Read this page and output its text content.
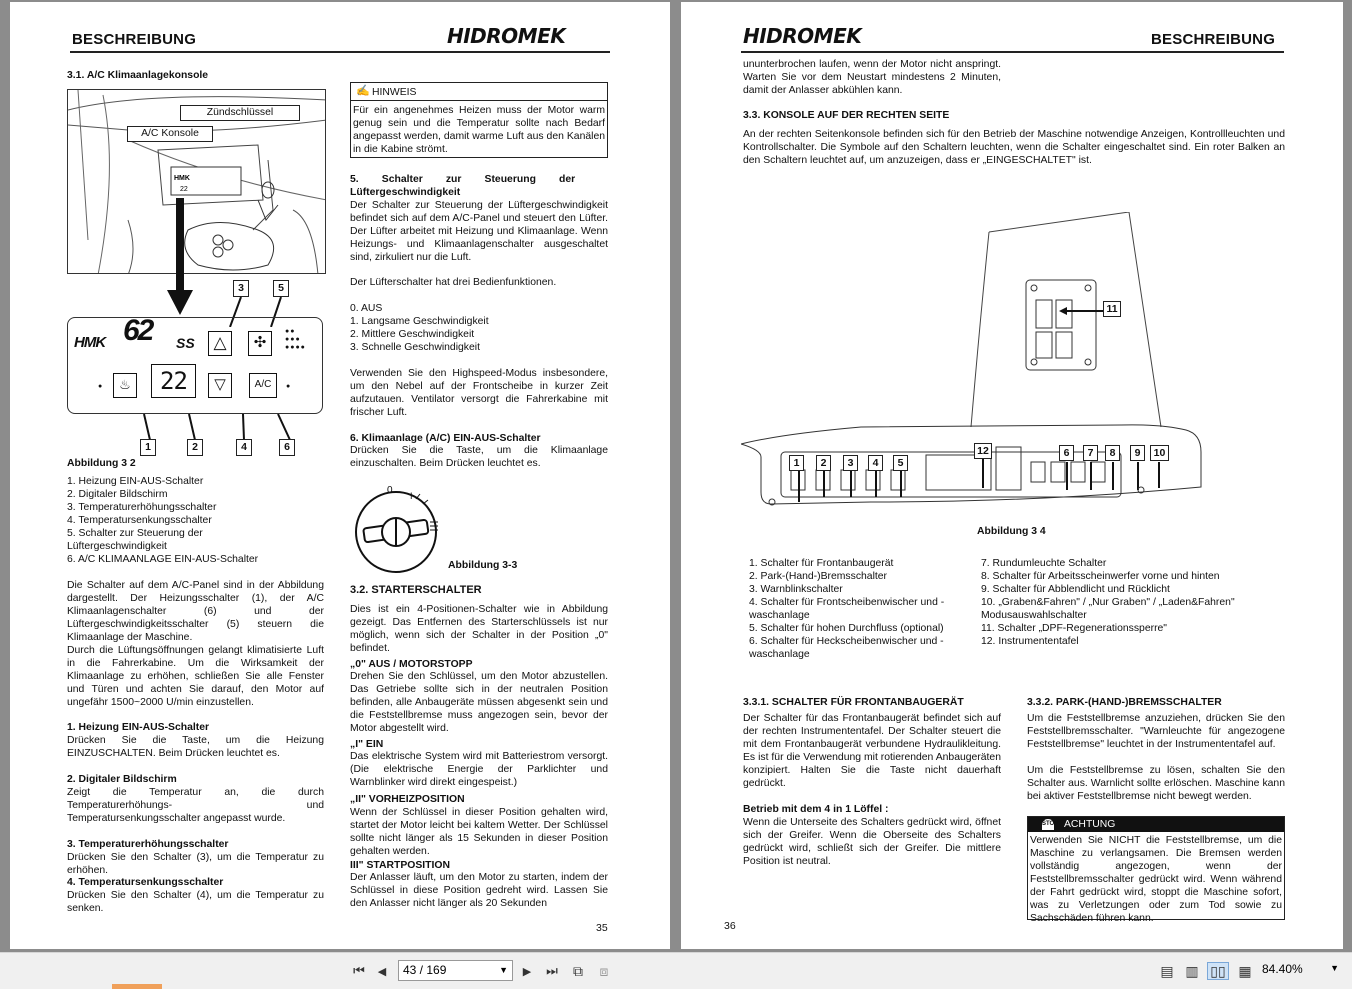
BESCHREIBUNG	HIDROMEK
3.1. A/C Klimaanlagekonsole
HMK
22
Zündschlüssel
A/C Konsole
3	5
HMK 62 SS	△	✣
●●
●●●
●●●●
●	♨	22	▽	A/C	●
1	2	4	6
Abbildung 3 2
1. Heizung EIN-AUS-Schalter
2. Digitaler Bildschirm
3. Temperaturerhöhungsschalter
4. Temperatursenkungsschalter
5. Schalter zur Steuerung der
Lüftergeschwindigkeit
6. A/C KLIMAANLAGE EIN-AUS-Schalter
Die Schalter auf dem A/C-Panel sind in der Abbildung dargestellt. Der Heizungsschalter (1), der A/C Klimaanlagenschalter (6) und der Lüftergeschwindigkeitsschalter (5) steuern die Klimaanlage der Maschine.
Durch die Lüftungsöffnungen gelangt klimatisierte Luft in die Fahrerkabine. Um die Wirksamkeit der Klimaanlage zu erhöhen, schließen Sie alle Fenster und Türen und achten Sie darauf, den Motor auf ungefähr 1500~2000 U/min einzustellen.
1. Heizung EIN-AUS-Schalter
Drücken Sie die Taste, um die Heizung EINZUSCHALTEN. Beim Drücken leuchtet es.
2. Digitaler Bildschirm
Zeigt die Temperatur an, die durch Temperaturerhöhungs- und Temperatursenkungsschalter angepasst wurde.
3. Temperaturerhöhungsschalter
Drücken Sie den Schalter (3), um die Temperatur zu erhöhen.
4. Temperatursenkungsschalter
Drücken Sie den Schalter (4), um die Temperatur zu senken.
✍ HINWEIS
Für ein angenehmes Heizen muss der Motor warm genug sein und die Temperatur sollte nach Bedarf angepasst werden, damit warme Luft aus den Kanälen in die Kabine strömt.
5.        Schalter        zur        Steuerung        der
Lüftergeschwindigkeit
Der Schalter zur Steuerung der Lüftergeschwindigkeit befindet sich auf dem A/C-Panel und steuert den Lüfter. Der Lüfter arbeitet mit Heizung und Klimaanlage. Wenn Heizungs- und Klimaanlagenschalter ausgeschaltet sind, zirkuliert nur die Luft.
Der Lüfterschalter hat drei Bedienfunktionen.
0. AUS
1. Langsame Geschwindigkeit
2. Mittlere Geschwindigkeit
3. Schnelle Geschwindigkeit
Verwenden Sie den Highspeed-Modus insbesondere, um den Nebel auf der Frontscheibe in kurzer Zeit aufzutauen. Ventilator versorgt die Fahrerkabine mit frischer Luft.
6. Klimaanlage (A/C) EIN-AUS-Schalter
Drücken Sie die Taste, um die Klimaanlage einzuschalten. Beim Drücken leuchtet es.
0 I
Abbildung 3-3
3.2. STARTERSCHALTER
Dies ist ein 4-Positionen-Schalter wie in Abbildung gezeigt. Das Entfernen des Starterschlüssels ist nur möglich, wenn sich der Schalter in der Position „0" befindet.
„0" AUS / MOTORSTOPP
Drehen Sie den Schlüssel, um den Motor abzustellen. Das Getriebe sollte sich in der neutralen Position befinden, alle Anbaugeräte müssen abgesenkt sein und die Feststellbremse muss angezogen sein, bevor der Motor abgestellt wird.
„I" EIN
Das elektrische System wird mit Batteriestrom versorgt. (Die elektrische Energie der Parklichter und Warnblinker wird direkt eingespeist.)
„II" VORHEIZPOSITION
Wenn der Schlüssel in dieser Position gehalten wird, startet der Motor leicht bei kaltem Wetter. Der Schlüssel sollte nicht länger als 15 Sekunden in dieser Position gehalten werden.
III" STARTPOSITION
Der Anlasser läuft, um den Motor zu starten, indem der Schlüssel in diese Position gedreht wird. Lassen Sie den Anlasser nicht länger als 20 Sekunden
35
HIDROMEK	BESCHREIBUNG
ununterbrochen laufen, wenn der Motor nicht anspringt. Warten Sie vor dem Neustart mindestens 2 Minuten, damit der Anlasser abkühlen kann.
3.3. KONSOLE AUF DER RECHTEN SEITE
An der rechten Seitenkonsole befinden sich für den Betrieb der Maschine notwendige Anzeigen, Kontrollleuchten und Kontrollschalter. Die Symbole auf den Schaltern leuchten, wenn die Schalter eingeschaltet sind. Ein roter Balken an den Schaltern leuchtet auf, um anzuzeigen, dass er „EINGESCHALTET" ist.
11
12
1	2	3	4	5
6	7	8	9	10
Abbildung 3 4
1. Schalter für Frontanbaugerät
2. Park-(Hand-)Bremsschalter
3. Warnblinkschalter
4. Schalter für Frontscheibenwischer und -
waschanlage
5. Schalter für hohen Durchfluss (optional)
6. Schalter für Heckscheibenwischer und -
waschanlage
7. Rundumleuchte Schalter
8. Schalter für Arbeitsscheinwerfer vorne und hinten
9. Schalter für Abblendlicht und Rücklicht
10. „Graben&Fahren" / „Nur Graben" / „Laden&Fahren"
Modusauswahlschalter
11. Schalter „DPF-Regenerationssperre"
12. Instrumententafel
3.3.1. SCHALTER FÜR FRONTANBAUGERÄT
Der Schalter für das Frontanbaugerät befindet sich auf der rechten Instrumententafel. Der Schalter steuert die mit dem Frontanbaugerät verbundene Hydraulikleitung. Es ist für die Verwendung mit rotierenden Anbaugeräten konzipiert. Halten Sie die Taste nicht dauerhaft gedrückt.
Betrieb mit dem 4 in 1 Löffel :
Wenn die Unterseite des Schalters gedrückt wird, öffnet sich der Greifer. Wenn die Oberseite des Schalters gedrückt wird, schließt sich der Greifer. Die mittlere Position ist neutral.
3.3.2. PARK-(HAND-)BREMSSCHALTER
Um die Feststellbremse anzuziehen, drücken Sie den Feststellbremsschalter. "Warnleuchte für angezogene Feststellbremse" leuchtet in der Instrumententafel auf.
Um die Feststellbremse zu lösen, schalten Sie den Schalter aus. Warnlicht sollte erlöschen. Maschine kann bei aktiver Feststellbremse nicht bewegt werden.
STOP ACHTUNG
Verwenden Sie NICHT die Feststellbremse, um die Maschine zu verlangsamen. Die Bremsen werden vollständig angezogen, wenn der Feststellbremsschalter gedrückt wird. Wenn während der Fahrt gedrückt wird, stoppt die Maschine sofort, was zu Verletzungen oder zum Tod sowie zu Sachschäden führen kann.
36
⏮ ◀	43 / 169	▼ ▶ ⏭	⧉	⧈	▤ ▥ ▯▯ ▦ 84.40%	▼
